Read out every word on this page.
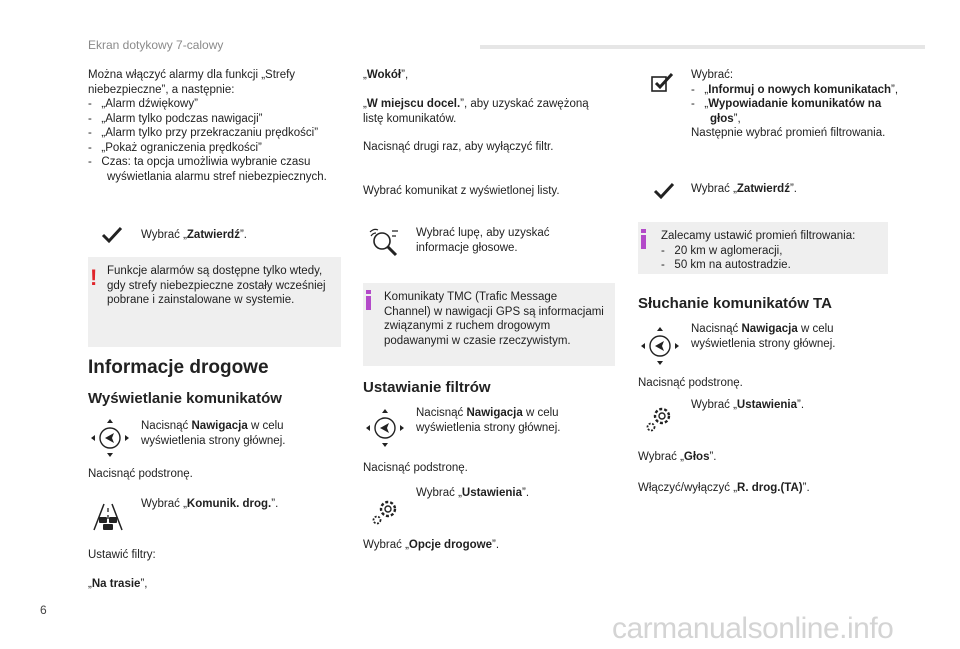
Ekran dotykowy 7-calowy
Można włączyć alarmy dla funkcji „Strefy niebezpieczne”, a następnie:
-   „Alarm dźwiękowy”
-   „Alarm tylko podczas nawigacji”
-   „Alarm tylko przy przekraczaniu prędkości”
-   „Pokaż ograniczenia prędkości”
-   Czas: ta opcja umożliwia wybranie czasu wyświetlania alarmu stref niebezpiecznych.
Wybrać „Zatwierdź”.
! Funkcje alarmów są dostępne tylko wtedy, gdy strefy niebezpieczne zostały wcześniej pobrane i zainstalowane w systemie.
Informacje drogowe
Wyświetlanie komunikatów
Nacisnąć Nawigacja w celu wyświetlenia strony głównej.
Nacisnąć podstronę.
Wybrać „Komunik. drog.”.
Ustawić filtry:
„Na trasie”,
„Wokół”,
„W miejscu docel.”, aby uzyskać zawężoną listę komunikatów.
Nacisnąć drugi raz, aby wyłączyć filtr.
Wybrać komunikat z wyświetlonej listy.
Wybrać lupę, aby uzyskać informacje głosowe.
Komunikaty TMC (Trafic Message Channel) w nawigacji GPS są informacjami związanymi z ruchem drogowym podawanymi w czasie rzeczywistym.
Ustawianie filtrów
Nacisnąć Nawigacja w celu wyświetlenia strony głównej.
Nacisnąć podstronę.
Wybrać „Ustawienia”.
Wybrać „Opcje drogowe”.
Wybrać:
-   „Informuj o nowych komunikatach”,
-   „Wypowiadanie komunikatów na głos”,
Następnie wybrać promień filtrowania.
Wybrać „Zatwierdź”.
Zalecamy ustawić promień filtrowania:
-   20 km w aglomeracji,
-   50 km na autostradzie.
Słuchanie komunikatów TA
Nacisnąć Nawigacja w celu wyświetlenia strony głównej.
Nacisnąć podstronę.
Wybrać „Ustawienia”.
Wybrać „Głos”.
Włączyć/wyłączyć „R. drog.(TA)”.
6
carmanualsonline.info
